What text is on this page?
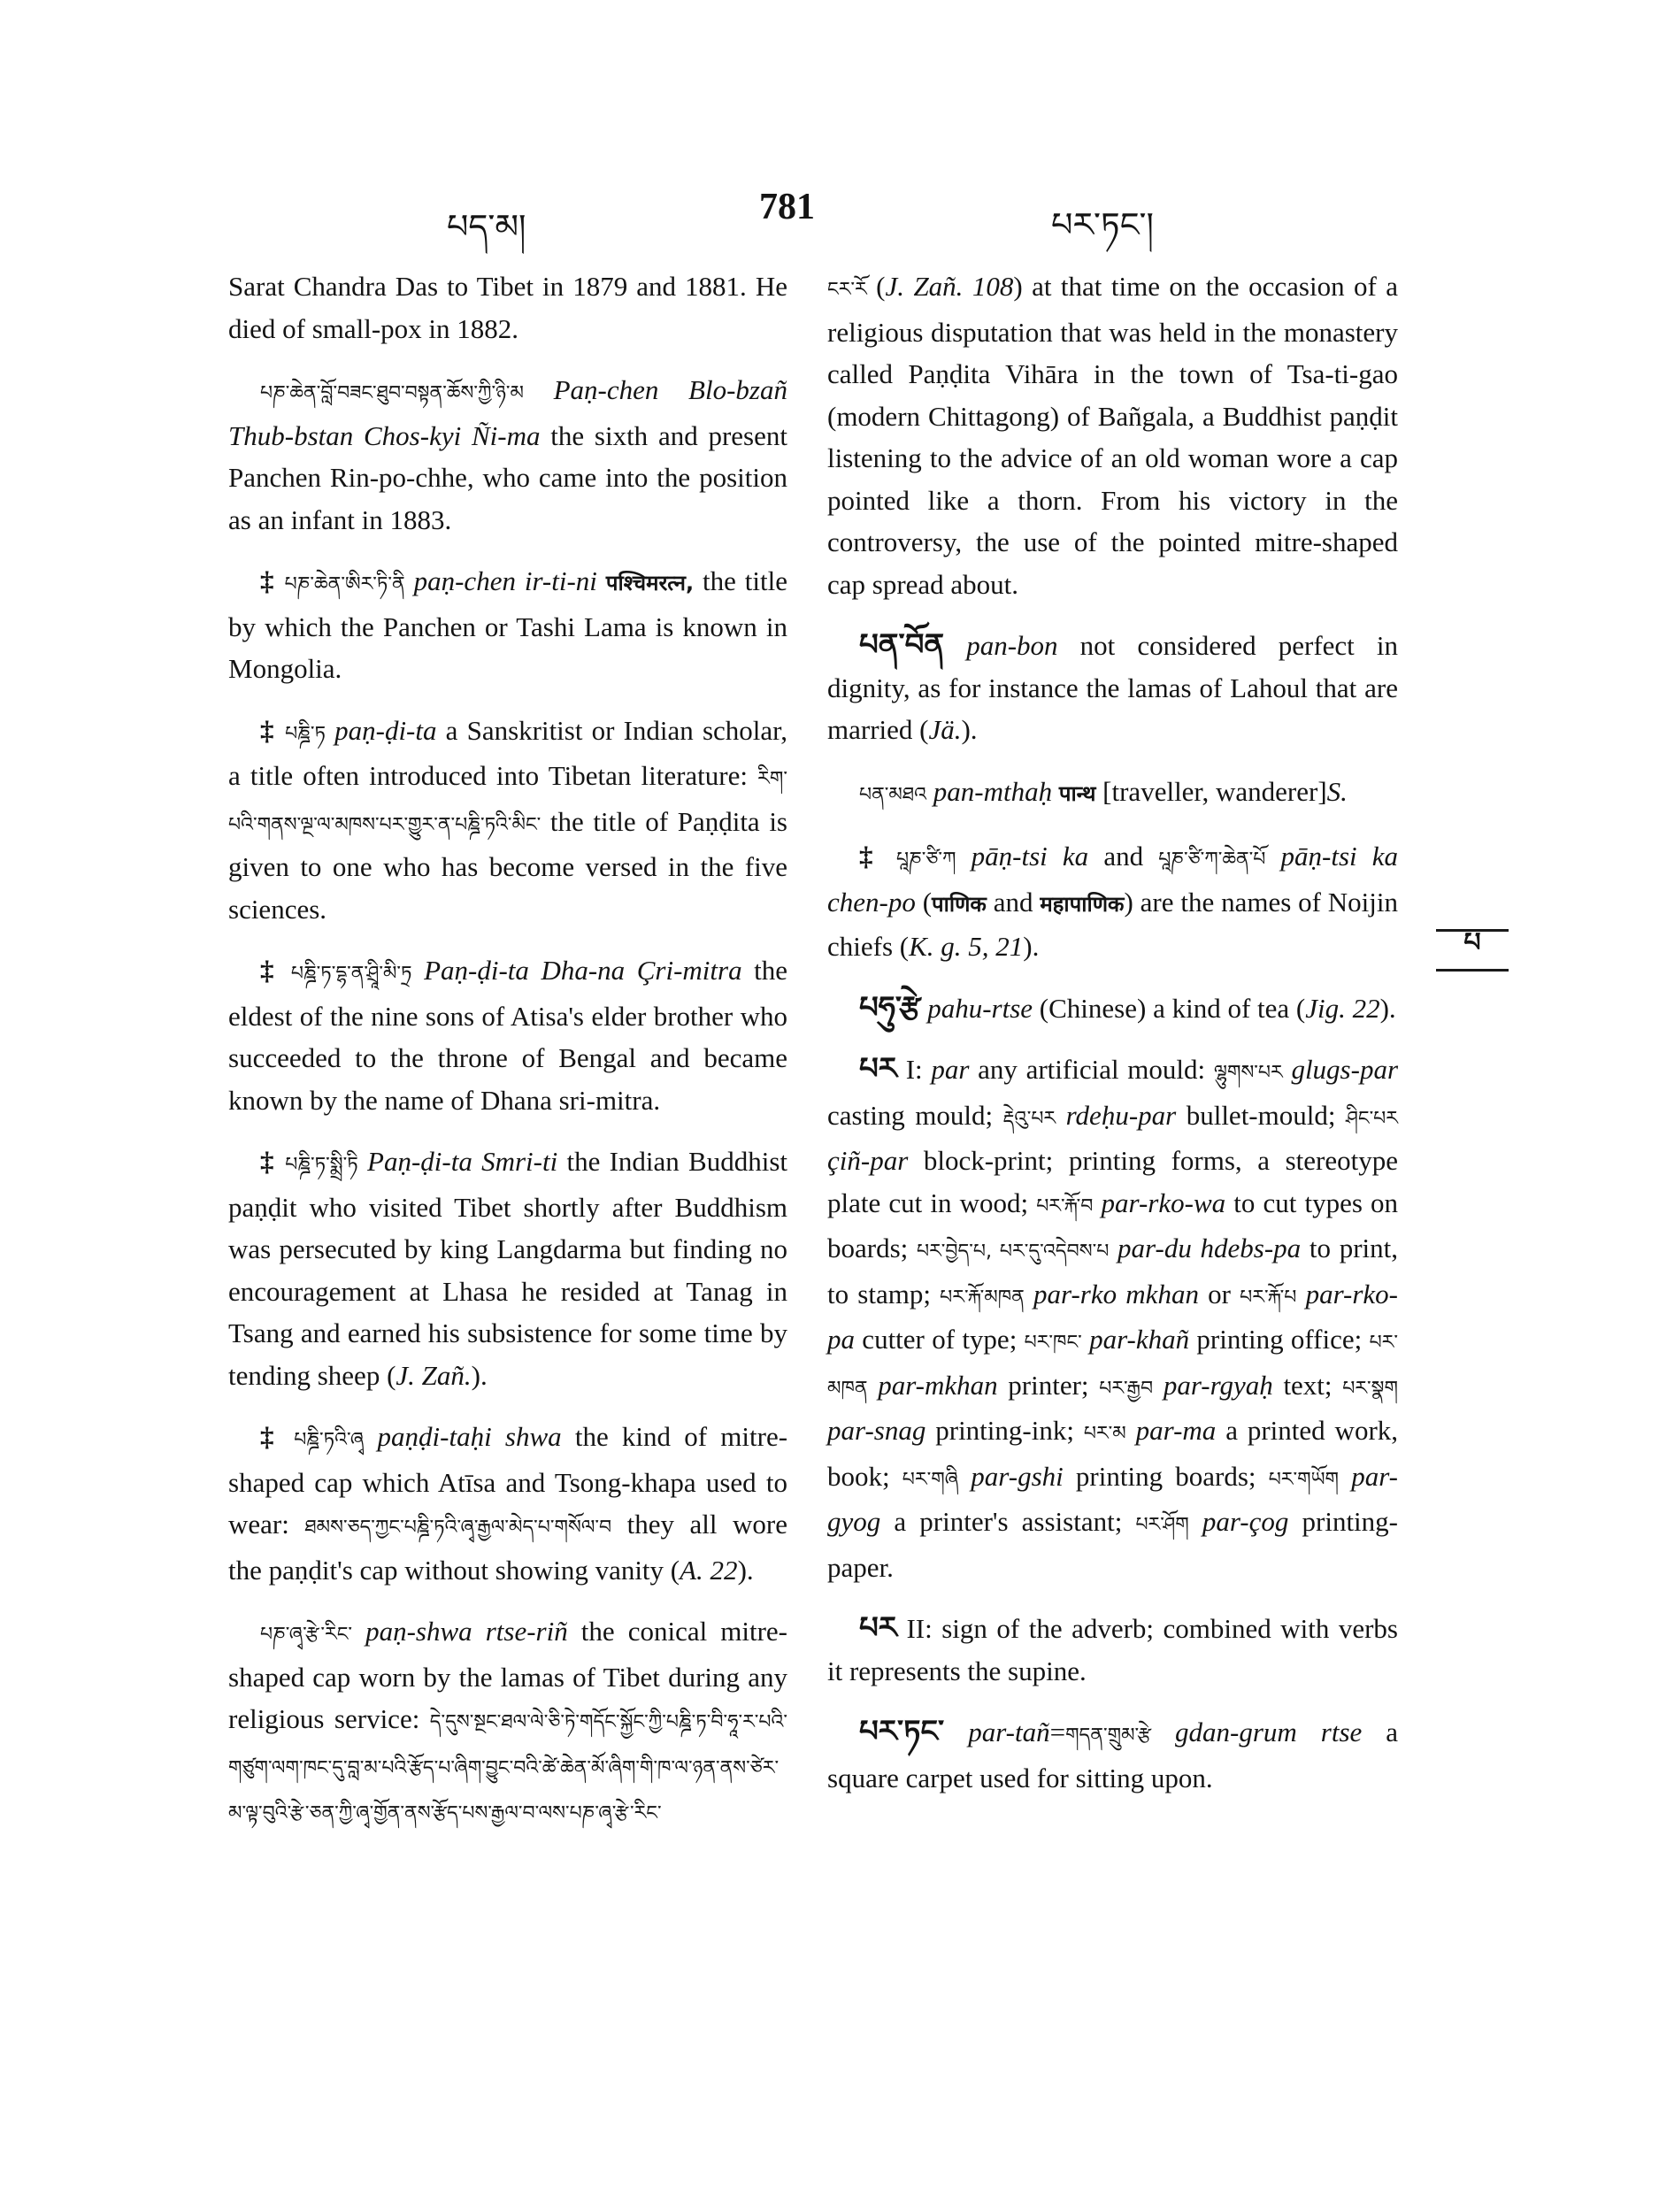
པད་མ།	781	པར་ཏང་།

Sarat Chandra Das to Tibet in 1879 and 1881. He died of small-pox in 1882.

པཎ་ཆེན་བློ་བཟང་ཐུབ་བསྟན་ཆོས་ཀྱི་ཉི་མ Paṇ-chen Blo-bzañ Thub-bstan Chos-kyi Ñi-ma the sixth and present Panchen Rin-po-chhe, who came into the position as an infant in 1883.

‡ པཎ་ཆེན་ཨིར་ཏི་ནི paṇ-chen ir-ti-ni पश्चिमरत्न, the title by which the Panchen or Tashi Lama is known in Mongolia.

‡ པཎྜི་ཏ paṇ-ḍi-ta a Sanskritist or Indian scholar, a title often introduced into Tibetan literature: རིག་པའི་གནས་ལྔ་ལ་མཁས་པར་གྱུར་ན་པཎྜི་ཏའི་མིང་ the title of Paṇḍita is given to one who has become versed in the five sciences.

‡ པཎྜི་ཏ་དྷ་ན་ཤྲཱི་མི་ཏྲ Paṇ-ḍi-ta Dha-na Çri-mitra the eldest of the nine sons of Atisa's elder brother who succeeded to the throne of Bengal and became known by the name of Dhana sri-mitra.

‡ པཎྜི་ཏ་སྨྲི་ཏི Paṇ-ḍi-ta Smri-ti the Indian Buddhist paṇḍit who visited Tibet shortly after Buddhism was persecuted by king Langdarma but finding no encouragement at Lhasa he resided at Tanag in Tsang and earned his subsistence for some time by tending sheep (J. Zañ.).

‡ པཎྜི་ཏའི་ཞྭ paṇḍi-taḥi shwa the kind of mitre-shaped cap which Atīsa and Tsong-khapa used to wear: ཐམས་ཅད་ཀྱང་པཎྜི་ཏའི་ཞྭ་རྒྱལ་མེད་པ་གསོལ་བ they all wore the paṇḍit's cap without showing vanity (A. 22).

པཎ་ཞྭ་རྩེ་རིང་ paṇ-shwa rtse-riñ the conical mitre-shaped cap worn by the lamas of Tibet during any religious service: དེ་དུས་སྔང་ཐལ་ལེ་ཅི་ཏེ་གདོང་སྐྱོང་ཀྱི་པཎྜི་ཏ་བི་ཧཱ་ར་པའི་གཙུག་ལག་ཁང་དུ་བླ་མ་པའི་རྩོད་པ་ཞིག་བྱུང་བའི་ཚེ་ཆེན་མོ་ཞིག་གི་ཁ་ལ་ཉན་ནས་ཙེར་མ་ལྟ་བུའི་རྩེ་ཅན་ཀྱི་ཞྭ་གྱོན་ནས་རྩོད་པས་རྒྱལ་བ་ལས་པཎ་ཞྭ་རྩེ་རིང་

ངར་རོ (J. Zañ. 108) at that time on the occasion of a religious disputation that was held in the monastery called Paṇḍita Vihāra in the town of Tsa-ti-gao (modern Chittagong) of Bañgala, a Buddhist paṇḍit listening to the advice of an old woman wore a cap pointed like a thorn. From his victory in the controversy, the use of the pointed mitre-shaped cap spread about.

པན་བོན pan-bon not considered perfect in dignity, as for instance the lamas of Lahoul that are married (Jä.).

པན་མཐའ pan-mthaḥ पान्थ [traveller, wanderer]S.

‡ པཱཎ་ཙི་ཀ pāṇ-tsi ka and པཱཎ་ཙི་ཀ་ཆེན་པོ pāṇ-tsi ka chen-po (पाणिक and महापाणिक) are the names of Noijin chiefs (K. g. 5, 21).

པཧུ་རྩེ pahu-rtse (Chinese) a kind of tea (Jig. 22).

པར I: par any artificial mould: ལྷུགས་པར glugs-par casting mould; རྡེའུ་པར rdeḥu-par bullet-mould; ཤིང་པར çiñ-par block-print; printing forms, a stereotype plate cut in wood; པར་རྐོ་བ par-rko-wa to cut types on boards; པར་བྱེད་པ, པར་དུ་འདེབས་པ par-du hdebs-pa to print, to stamp; པར་རྐོ་མཁན par-rko mkhan or པར་རྐོ་པ par-rko-pa cutter of type; པར་ཁང་ par-khañ printing office; པར་མཁན par-mkhan printer; པར་རྒྱབ par-rgyaḥ text; པར་སྣག par-snag printing-ink; པར་མ par-ma a printed work, book; པར་གཞི par-gshi printing boards; པར་གཡོག par-gyog a printer's assistant; པར་ཤོག par-çog printing-paper.

པར II: sign of the adverb; combined with verbs it represents the supine.

པར་ཏང་ par-tañ=གདན་གྲུམ་རྩེ gdan-grum rtse a square carpet used for sitting upon.

པ
